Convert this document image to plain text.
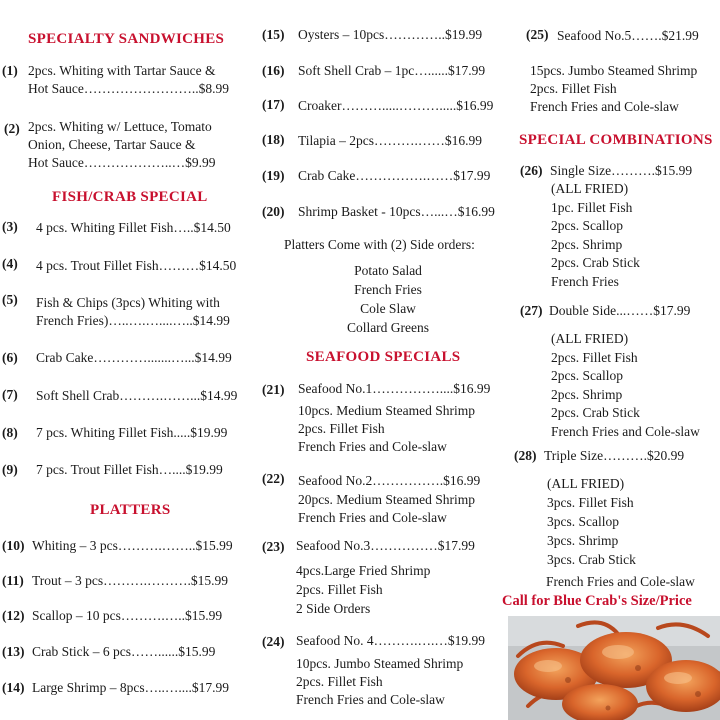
SPECIALTY SANDWICHES
(1) 2pcs. Whiting with Tartar Sauce &
Hot Sauce……………………..$8.99
(2) 2pcs. Whiting w/ Lettuce, Tomato
Onion, Cheese, Tartar Sauce &
Hot Sauce………………..…$9.99
FISH/CRAB SPECIAL
(3) 4 pcs. Whiting Fillet Fish…..$14.50
(4) 4 pcs. Trout Fillet Fish………$14.50
(5) Fish & Chips (3pcs) Whiting with
French Fries)…..….…....…..$14.99
(6) Crab Cake………….......…...$14.99
(7) Soft Shell Crab……….……...$14.99
(8) 7 pcs. Whiting Fillet Fish.....$19.99
(9) 7 pcs. Trout Fillet Fish…....$19.99
PLATTERS
(10) Whiting – 3 pcs……….……..$15.99
(11) Trout – 3 pcs……….……….$15.99
(12) Scallop – 10 pcs……….…..$15.99
(13) Crab Stick – 6 pcs……......$15.99
(14) Large Shrimp – 8pcs…..…....$17.99
(15) Oysters – 10pcs…………..$19.99
(16) Soft Shell Crab – 1pc…......$17.99
(17) Croaker……….....……….....$16.99
(18) Tilapia – 2pcs……….……$16.99
(19) Crab Cake…………….……$17.99
(20) Shrimp Basket - 10pcs…...…$16.99
Platters Come with (2) Side orders:
Potato Salad
French Fries
Cole Slaw
Collard Greens
SEAFOOD SPECIALS
(21) Seafood No.1……………....$16.99
10pcs. Medium Steamed Shrimp
2pcs. Fillet Fish
French Fries and Cole-slaw
(22) Seafood No.2…………….$16.99
20pcs. Medium Steamed Shrimp
French Fries and Cole-slaw
(23) Seafood No.3……………$17.99
4pcs.Large Fried Shrimp
2pcs. Fillet Fish
2 Side Orders
(24) Seafood No. 4……….….…$19.99
10pcs. Jumbo Steamed Shrimp
2pcs. Fillet Fish
French Fries and Cole-slaw
(25) Seafood No.5…….$21.99
15pcs. Jumbo Steamed Shrimp
2pcs. Fillet Fish
French Fries and Cole-slaw
SPECIAL COMBINATIONS
(26) Single Size……….$15.99
(ALL FRIED)
1pc. Fillet Fish
2pcs. Scallop
2pcs. Shrimp
2pcs. Crab Stick
French Fries
(27) Double Side...……$17.99
(ALL FRIED)
2pcs. Fillet Fish
2pcs. Scallop
2pcs. Shrimp
2pcs. Crab Stick
French Fries and Cole-slaw
(28) Triple Size……….$20.99
(ALL FRIED)
3pcs. Fillet Fish
3pcs. Scallop
3pcs. Shrimp
3pcs. Crab Stick
French Fries and Cole-slaw
Call for Blue Crab's Size/Price
